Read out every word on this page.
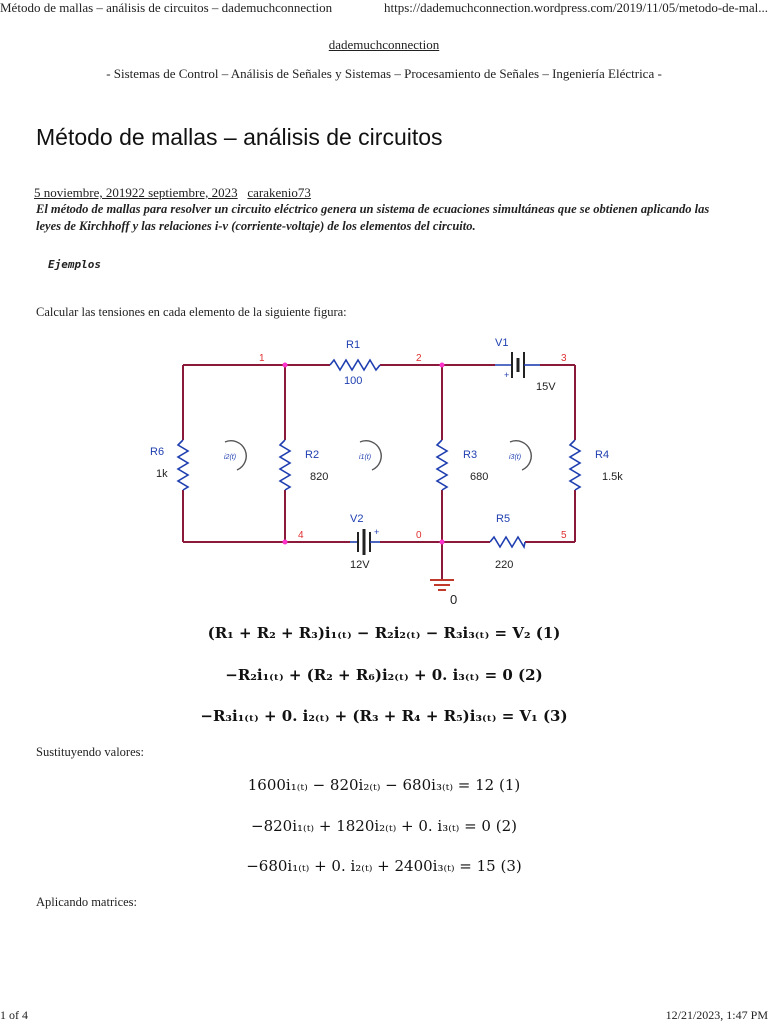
Método de mallas – análisis de circuitos – dademuchconnection	https://dademuchconnection.wordpress.com/2019/11/05/metodo-de-mal...
dademuchconnection
- Sistemas de Control – Análisis de Señales y Sistemas – Procesamiento de Señales – Ingeniería Eléctrica -
Método de mallas – análisis de circuitos
5 noviembre, 201922 septiembre, 2023 carakenio73
El método de mallas para resolver un circuito eléctrico genera un sistema de ecuaciones simultáneas que se obtienen aplicando las leyes de Kirchhoff y las relaciones i-v (corriente-voltaje) de los elementos del circuito.
Ejemplos
Calcular las tensiones en cada elemento de la siguiente figura:
+
+
R1
100
V1
15V
R6
1k
R2
820
R3
680
R4
1.5k
R5
220
V2
12V
1	2	3
4	0	5
0
i2(t)	i1(t)	i3(t)
(R₁ + R₂ + R₃)i₁₍ₜ₎ − R₂i₂₍ₜ₎ − R₃i₃₍ₜ₎ = V₂ (1)
−R₂i₁₍ₜ₎ + (R₂ + R₆)i₂₍ₜ₎ + 0. i₃₍ₜ₎ = 0 (2)
−R₃i₁₍ₜ₎ + 0. i₂₍ₜ₎ + (R₃ + R₄ + R₅)i₃₍ₜ₎ = V₁ (3)
Sustituyendo valores:
1600i₁₍ₜ₎ − 820i₂₍ₜ₎ − 680i₃₍ₜ₎ = 12 (1)
−820i₁₍ₜ₎ + 1820i₂₍ₜ₎ + 0. i₃₍ₜ₎ = 0 (2)
−680i₁₍ₜ₎ + 0. i₂₍ₜ₎ + 2400i₃₍ₜ₎ = 15 (3)
Aplicando matrices:
1 of 4	12/21/2023, 1:47 PM
